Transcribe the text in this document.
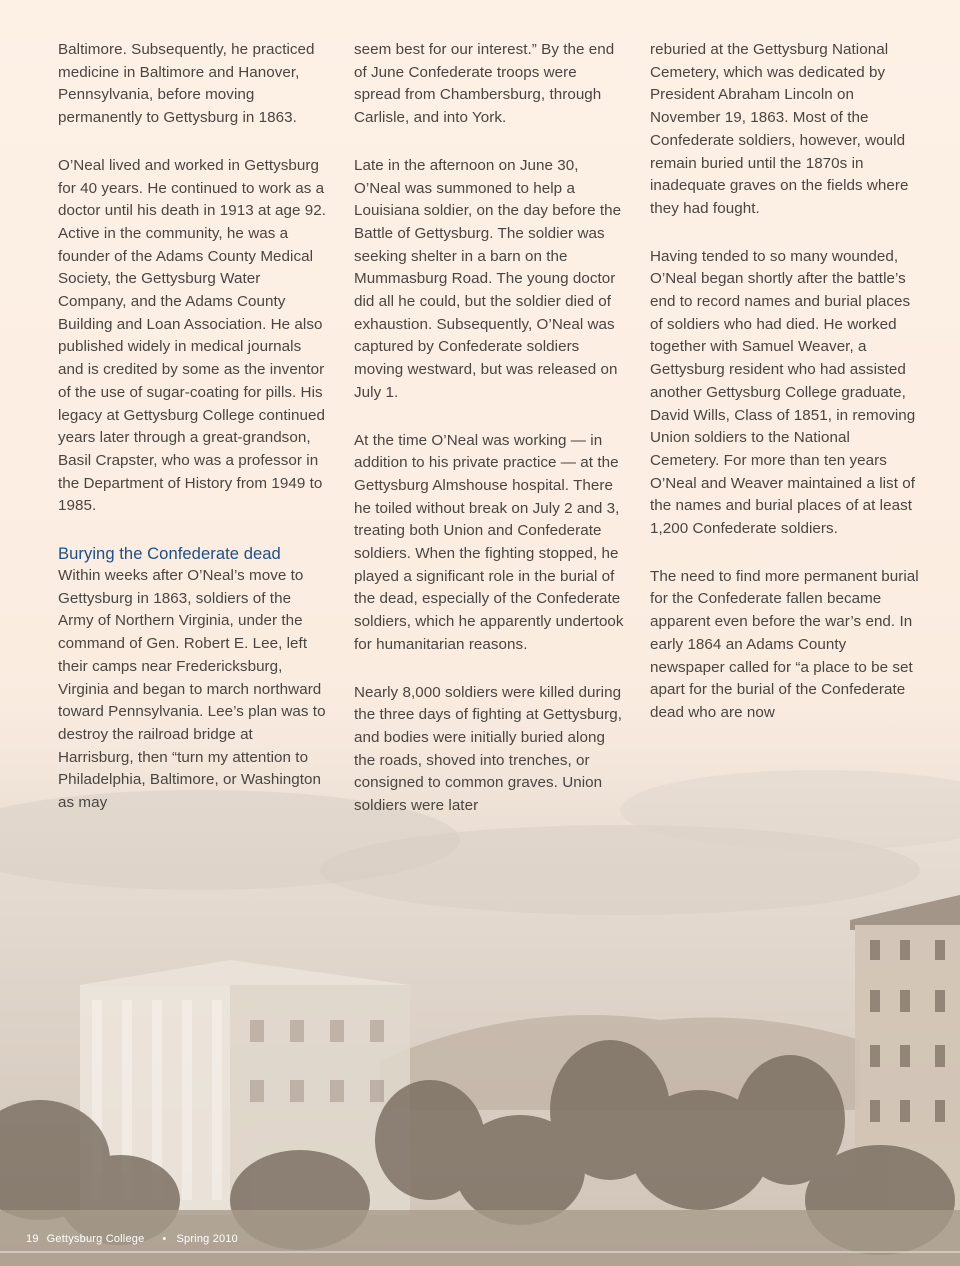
Baltimore. Subsequently, he practiced medicine in Baltimore and Hanover, Pennsylvania, before moving permanently to Gettysburg in 1863.

O’Neal lived and worked in Gettysburg for 40 years. He continued to work as a doctor until his death in 1913 at age 92. Active in the community, he was a founder of the Adams County Medical Society, the Gettysburg Water Company, and the Adams County Building and Loan Association. He also published widely in medical journals and is credited by some as the inventor of the use of sugar-coating for pills. His legacy at Gettysburg College continued years later through a great-grandson, Basil Crapster, who was a professor in the Department of History from 1949 to 1985.

Burying the Confederate dead

Within weeks after O’Neal’s move to Gettysburg in 1863, soldiers of the Army of Northern Virginia, under the command of Gen. Robert E. Lee, left their camps near Fredericksburg, Virginia and began to march northward toward Pennsylvania. Lee’s plan was to destroy the railroad bridge at Harrisburg, then “turn my attention to Philadelphia, Baltimore, or Washington as may

seem best for our interest.” By the end of June Confederate troops were spread from Chambersburg, through Carlisle, and into York.

Late in the afternoon on June 30, O’Neal was summoned to help a Louisiana soldier, on the day before the Battle of Gettysburg. The soldier was seeking shelter in a barn on the Mummasburg Road. The young doctor did all he could, but the soldier died of exhaustion. Subsequently, O’Neal was captured by Confederate soldiers moving westward, but was released on July 1.

At the time O’Neal was working — in addition to his private practice — at the Gettysburg Almshouse hospital. There he toiled without break on July 2 and 3, treating both Union and Confederate soldiers. When the fighting stopped, he played a significant role in the burial of the dead, especially of the Confederate soldiers, which he apparently undertook for humanitarian reasons.

Nearly 8,000 soldiers were killed during the three days of fighting at Gettysburg, and bodies were initially buried along the roads, shoved into trenches, or consigned to common graves. Union soldiers were later

reburied at the Gettysburg National Cemetery, which was dedicated by President Abraham Lincoln on November 19, 1863. Most of the Confederate soldiers, however, would remain buried until the 1870s in inadequate graves on the fields where they had fought.

Having tended to so many wounded, O’Neal began shortly after the battle’s end to record names and burial places of soldiers who had died. He worked together with Samuel Weaver, a Gettysburg resident who had assisted another Gettysburg College graduate, David Wills, Class of 1851, in removing Union soldiers to the National Cemetery. For more than ten years O’Neal and Weaver maintained a list of the names and burial places of at least 1,200 Confederate soldiers.

The need to find more permanent burial for the Confederate fallen became apparent even before the war’s end. In early 1864 an Adams County newspaper called for “a place to be set apart for the burial of the Confederate dead who are now

19 Gettysburg College • Spring 2010
